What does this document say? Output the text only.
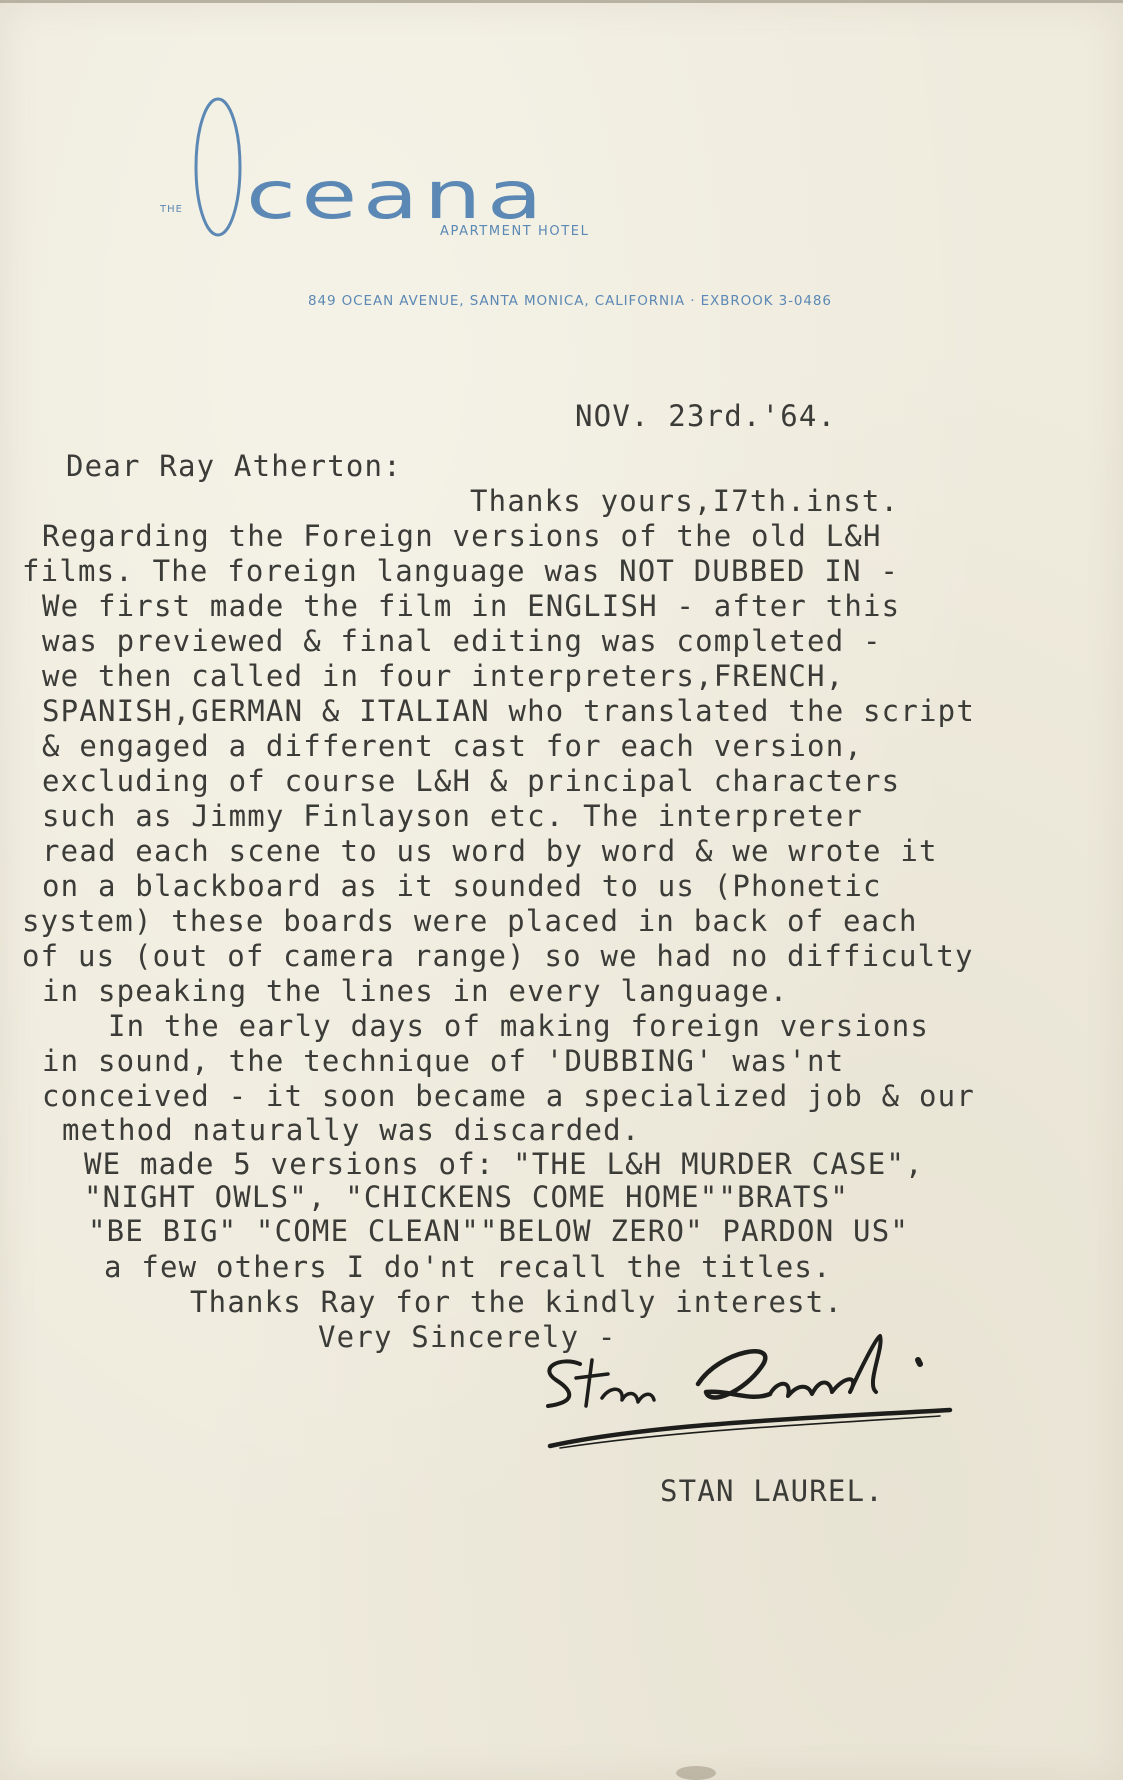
THE ceana
APARTMENT HOTEL
849 OCEAN AVENUE, SANTA MONICA, CALIFORNIA · EXBROOK 3-0486
NOV. 23rd.'64.
Dear Ray Atherton:
Thanks yours,I7th.inst.
Regarding the Foreign versions of the old L&H
films. The foreign language was NOT DUBBED IN -
We first made the film in ENGLISH - after this
was previewed & final editing was completed -
we then called in four interpreters,FRENCH,
SPANISH,GERMAN & ITALIAN who translated the script
& engaged a different cast for each version,
excluding of course L&H & principal characters
such as Jimmy Finlayson etc. The interpreter
read each scene to us word by word & we wrote it
on a blackboard as it sounded to us (Phonetic
system) these boards were placed in back of each
of us (out of camera range) so we had no difficulty
in speaking the lines in every language.
In the early days of making foreign versions
in sound, the technique of 'DUBBING' was'nt
conceived - it soon became a specialized job & our
method naturally was discarded.
WE made 5 versions of: "THE L&H MURDER CASE",
"NIGHT OWLS", "CHICKENS COME HOME""BRATS"
"BE BIG" "COME CLEAN""BELOW ZERO" PARDON US"
a few others I do'nt recall the titles.
Thanks Ray for the kindly interest.
Very Sincerely -
STAN LAUREL.
